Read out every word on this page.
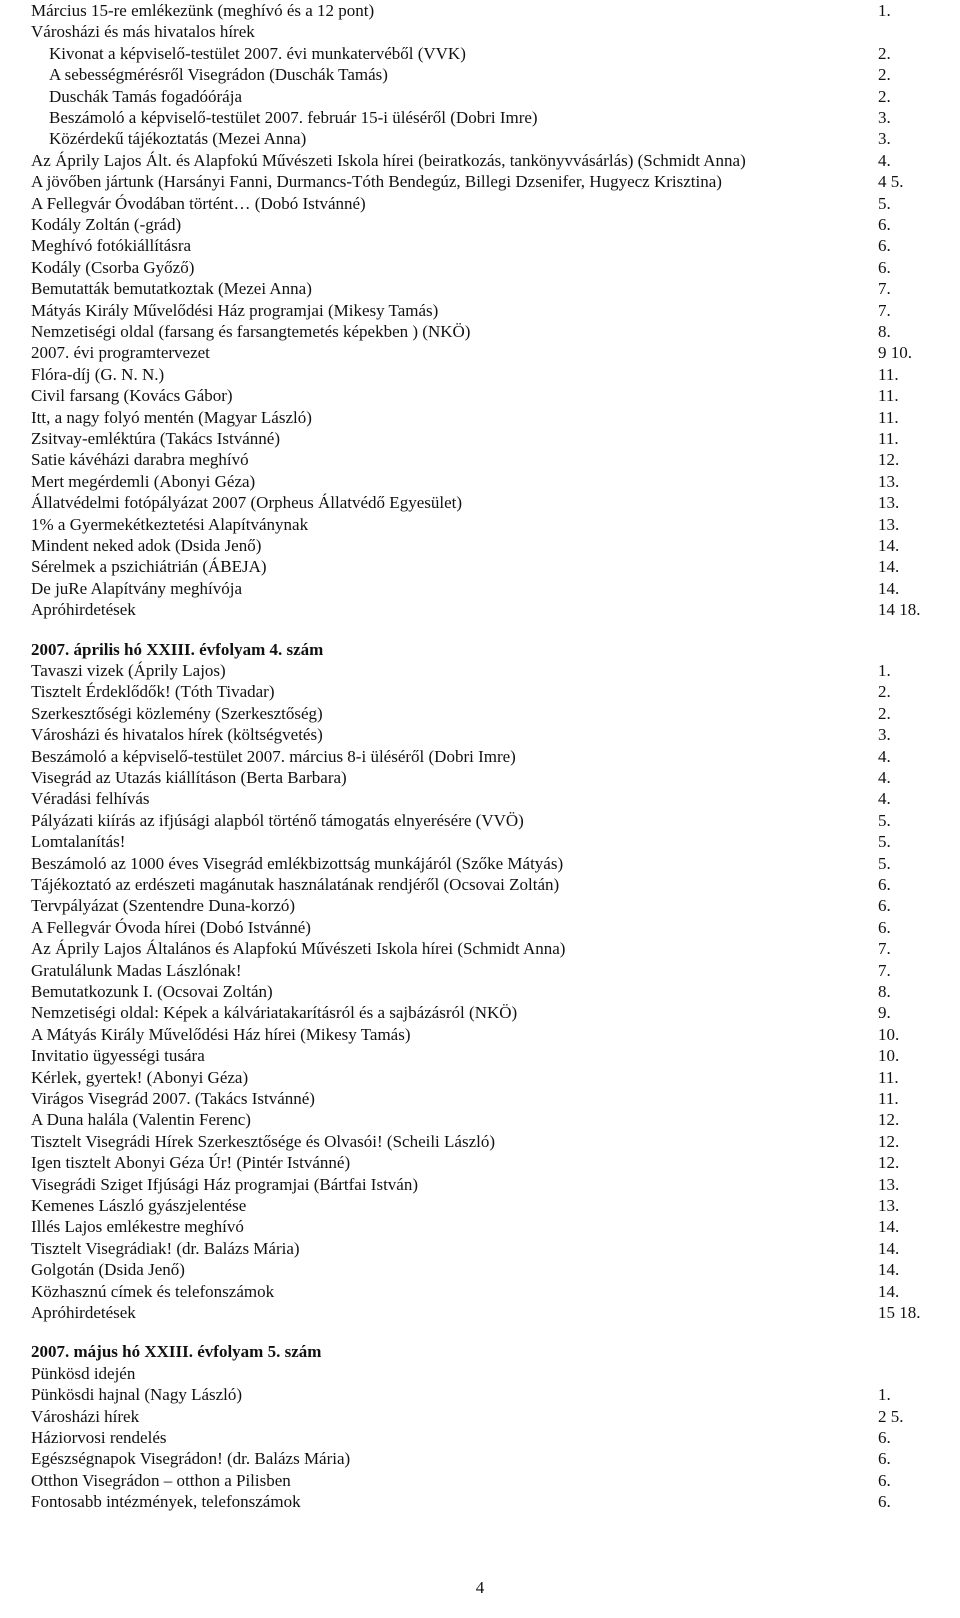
Március 15-re emlékezünk (meghívó és a 12 pont)	1.
Városházi és más hivatalos hírek
Kivonat a képviselő-testület 2007. évi munkatervéből (VVK)	2.
A sebességmérésről Visegrádon (Duschák Tamás)	2.
Duschák Tamás fogadóórája	2.
Beszámoló a képviselő-testület 2007. február 15-i üléséről (Dobri Imre)	3.
Közérdekű tájékoztatás (Mezei Anna)	3.
Az Áprily Lajos Ált. és Alapfokú Művészeti Iskola hírei (beiratkozás, tankönyvvásárlás) (Schmidt Anna)	4.
A jövőben jártunk (Harsányi Fanni, Durmancs-Tóth Bendegúz, Billegi Dzsenifer, Hugyecz Krisztina)	4 5.
A Fellegvár Óvodában történt… (Dobó Istvánné)	5.
Kodály Zoltán (-grád)	6.
Meghívó fotókiállításra	6.
Kodály (Csorba Győző)	6.
Bemutatták bemutatkoztak (Mezei Anna)	7.
Mátyás Király Művelődési Ház programjai (Mikesy Tamás)	7.
Nemzetiségi oldal (farsang és farsangtemetés képekben ) (NKÖ)	8.
2007. évi programtervezet	9 10.
Flóra-díj (G. N. N.)	11.
Civil farsang (Kovács Gábor)	11.
Itt, a nagy folyó mentén (Magyar László)	11.
Zsitvay-emléktúra (Takács Istvánné)	11.
Satie kávéházi darabra meghívó	12.
Mert megérdemli (Abonyi Géza)	13.
Állatvédelmi fotópályázat 2007 (Orpheus Állatvédő Egyesület)	13.
1% a Gyermekétkeztetési Alapítványnak	13.
Mindent neked adok (Dsida Jenő)	14.
Sérelmek a pszichiátrián (ÁBEJA)	14.
De juRe Alapítvány meghívója	14.
Apróhirdetések	14 18.
2007. április hó XXIII. évfolyam 4. szám
Tavaszi vizek (Áprily Lajos)	1.
Tisztelt Érdeklődők! (Tóth Tivadar)	2.
Szerkesztőségi közlemény (Szerkesztőség)	2.
Városházi és hivatalos hírek (költségvetés)	3.
Beszámoló a képviselő-testület 2007. március 8-i üléséről (Dobri Imre)	4.
Visegrád az Utazás kiállításon (Berta Barbara)	4.
Véradási felhívás	4.
Pályázati kiírás az ifjúsági alapból történő támogatás elnyerésére (VVÖ)	5.
Lomtalanítás!	5.
Beszámoló az 1000 éves Visegrád emlékbizottság munkájáról (Szőke Mátyás)	5.
Tájékoztató az erdészeti magánutak használatának rendjéről (Ocsovai Zoltán)	6.
Tervpályázat (Szentendre Duna-korzó)	6.
A Fellegvár Óvoda hírei (Dobó Istvánné)	6.
Az Áprily Lajos Általános és Alapfokú Művészeti Iskola hírei (Schmidt Anna)	7.
Gratulálunk Madas Lászlónak!	7.
Bemutatkozunk I. (Ocsovai Zoltán)	8.
Nemzetiségi oldal: Képek a kálváriatakarításról és a sajbázásról (NKÖ)	9.
A Mátyás Király Művelődési Ház hírei (Mikesy Tamás)	10.
Invitatio ügyességi tusára	10.
Kérlek, gyertek! (Abonyi Géza)	11.
Virágos Visegrád 2007. (Takács Istvánné)	11.
A Duna halála (Valentin Ferenc)	12.
Tisztelt Visegrádi Hírek Szerkesztősége és Olvasói! (Scheili László)	12.
Igen tisztelt Abonyi Géza Úr! (Pintér Istvánné)	12.
Visegrádi Sziget Ifjúsági Ház programjai (Bártfai István)	13.
Kemenes László gyászjelentése	13.
Illés Lajos emlékestre meghívó	14.
Tisztelt Visegrádiak! (dr. Balázs Mária)	14.
Golgotán (Dsida Jenő)	14.
Közhasznú címek és telefonszámok	14.
Apróhirdetések	15 18.
2007. május hó XXIII. évfolyam 5. szám
Pünkösd idején
Pünkösdi hajnal (Nagy László)	1.
Városházi hírek	2 5.
Háziorvosi rendelés	6.
Egészségnapok Visegrádon! (dr. Balázs Mária)	6.
Otthon Visegrádon – otthon a Pilisben	6.
Fontosabb intézmények, telefonszámok	6.
4
